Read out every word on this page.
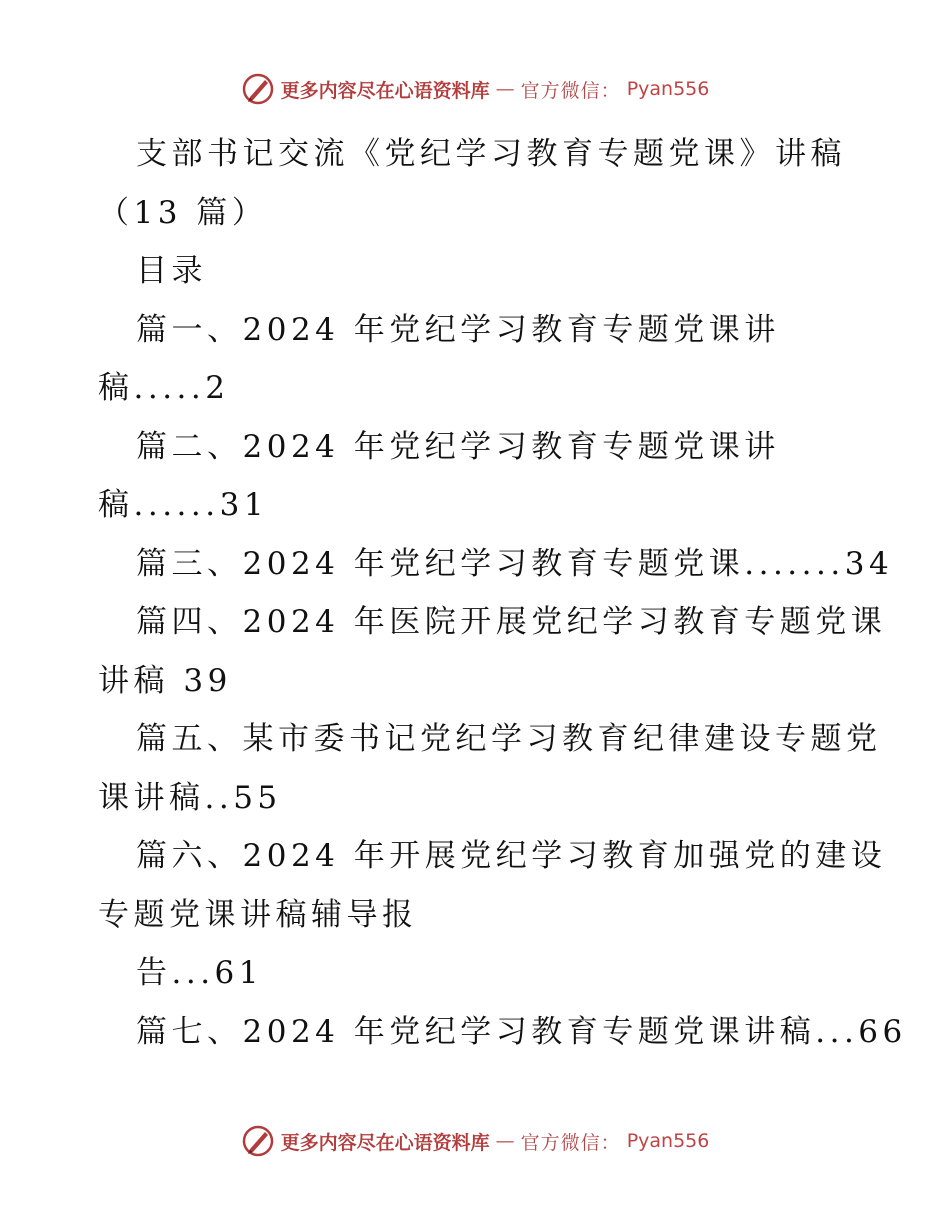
更多内容尽在心语资料库 — 官方微信： Pyan556
支部书记交流《党纪学习教育专题党课》讲稿
（13 篇）
目录
篇一、2024 年党纪学习教育专题党课讲
稿.....2
篇二、2024 年党纪学习教育专题党课讲
稿......31
篇三、2024 年党纪学习教育专题党课.......34
篇四、2024 年医院开展党纪学习教育专题党课
讲稿 39
篇五、某市委书记党纪学习教育纪律建设专题党
课讲稿..55
篇六、2024 年开展党纪学习教育加强党的建设
专题党课讲稿辅导报
告...61
篇七、2024 年党纪学习教育专题党课讲稿...66
更多内容尽在心语资料库 — 官方微信： Pyan556
